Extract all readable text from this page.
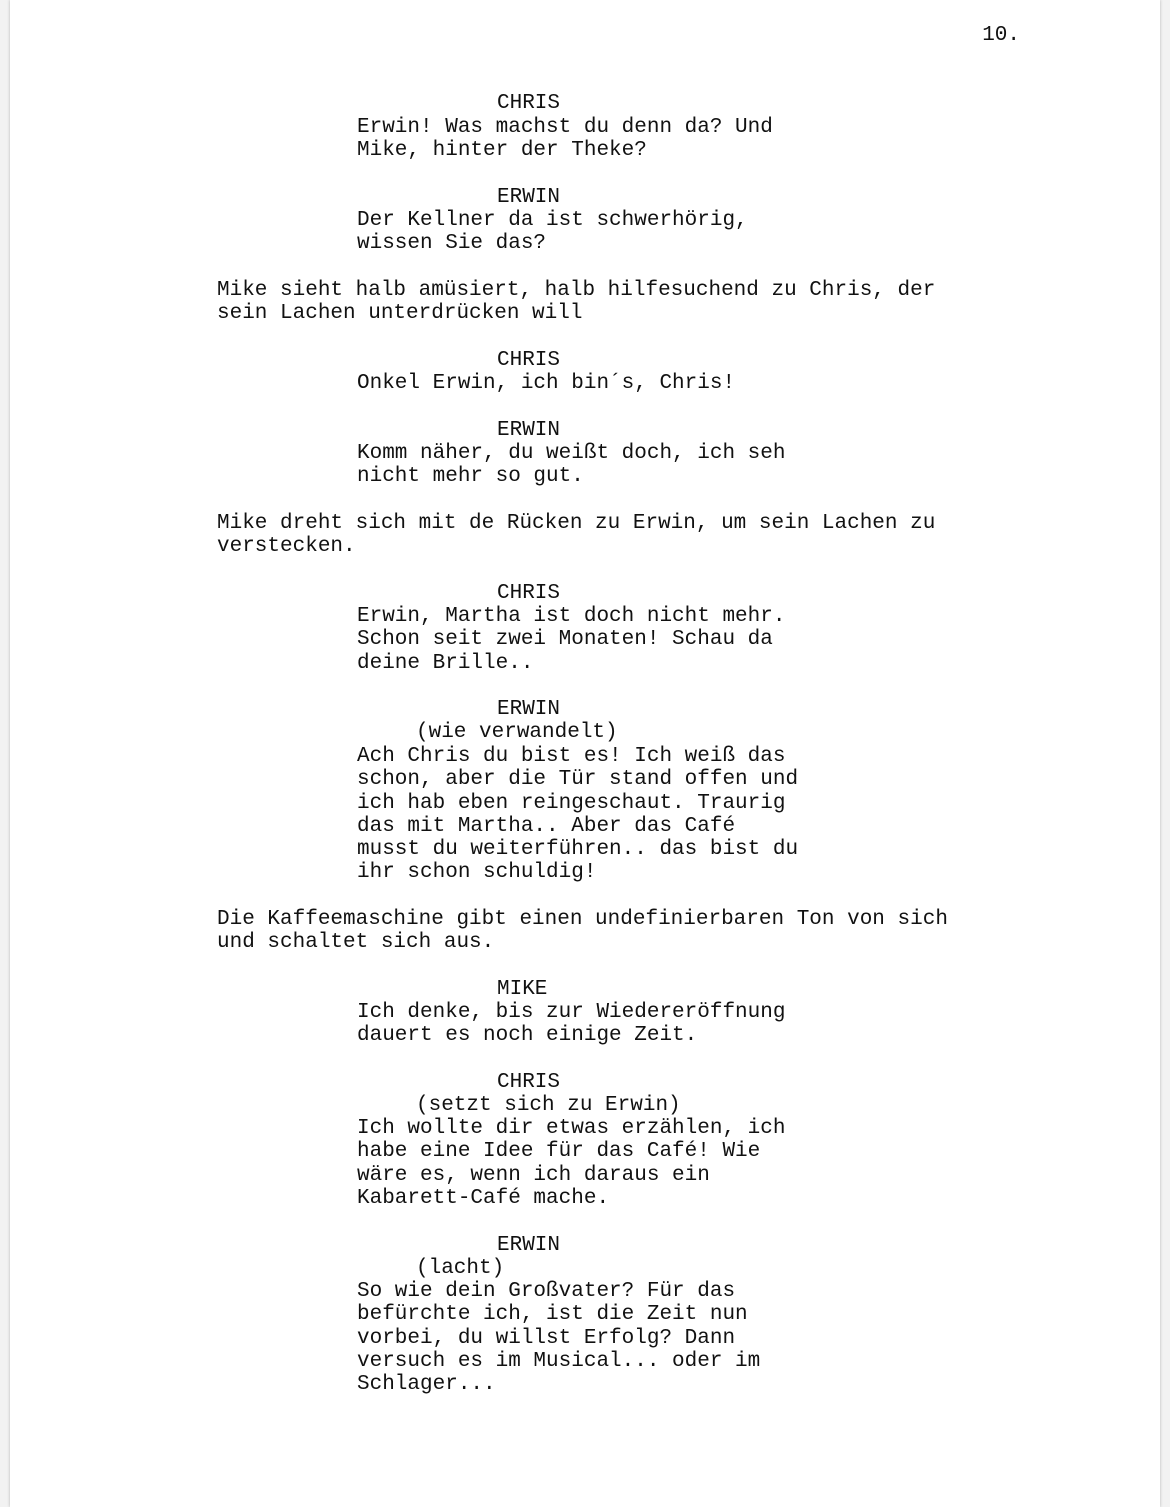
10.
CHRIS
Erwin! Was machst du denn da? Und
Mike, hinter der Theke?
ERWIN
Der Kellner da ist schwerhörig,
wissen Sie das?
Mike sieht halb amüsiert, halb hilfesuchend zu Chris, der
sein Lachen unterdrücken will
CHRIS
Onkel Erwin, ich bin´s, Chris!
ERWIN
Komm näher, du weißt doch, ich seh
nicht mehr so gut.
Mike dreht sich mit de Rücken zu Erwin, um sein Lachen zu
verstecken.
CHRIS
Erwin, Martha ist doch nicht mehr.
Schon seit zwei Monaten! Schau da
deine Brille..
ERWIN
(wie verwandelt)
Ach Chris du bist es! Ich weiß das
schon, aber die Tür stand offen und
ich hab eben reingeschaut. Traurig
das mit Martha.. Aber das Café
musst du weiterführen.. das bist du
ihr schon schuldig!
Die Kaffeemaschine gibt einen undefinierbaren Ton von sich
und schaltet sich aus.
MIKE
Ich denke, bis zur Wiedereröffnung
dauert es noch einige Zeit.
CHRIS
(setzt sich zu Erwin)
Ich wollte dir etwas erzählen, ich
habe eine Idee für das Café! Wie
wäre es, wenn ich daraus ein
Kabarett-Café mache.
ERWIN
(lacht)
So wie dein Großvater? Für das
befürchte ich, ist die Zeit nun
vorbei, du willst Erfolg? Dann
versuch es im Musical... oder im
Schlager...
